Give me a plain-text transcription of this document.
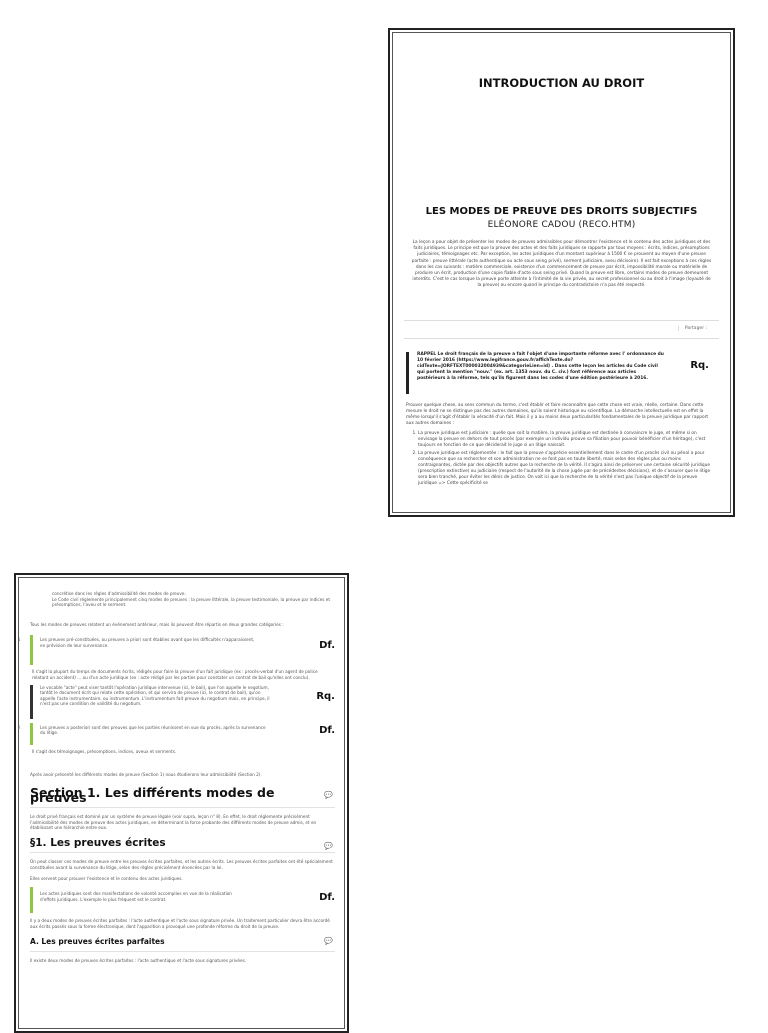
INTRODUCTION AU DROIT
LES MODES DE PREUVE DES DROITS SUBJECTIFS
ELÉONORE CADOU (RECO.HTM)
La leçon a pour objet de présenter les modes de preuves admissibles pour démontrer l'existence et le contenu des actes juridiques et des faits juridiques. Le principe est que la preuve des actes et des faits juridiques se rapporte par tous moyens : écrits, indices, présomptions judiciaires, témoignages etc. Par exception, les actes juridiques d'un montant supérieur à 1500 € se prouvent au moyen d'une preuve parfaite : preuve littérale (acte authentique ou acte sous seing privé), serment judiciaire, aveu décisoire). Il est fait exceptions à ces règles dans les cas suivants : matière commerciale, existence d'un commencement de preuve par écrit, impossibilité morale ou matérielle de produire un écrit, production d'une copie fiable d'acte sous seing privé. Quand la preuve est libre, certains modes de preuve demeurent interdits. C'est le cas lorsque la preuve porte atteinte à l'intimité de la vie privée, au secret professionnel ou au droit à l'image (loyauté de la preuve) ou encore quand le principe du contradictoire n'a pas été respecté.
Partager :
RAPPEL Le droit français de la preuve a fait l'objet d'une importante réforme avec l' ordonnance du 10 février 2016 (https://www.legifrance.gouv.fr/affichTexte.do?cidTexte=JORFTEXT000032004939&categorieLien=id) . Dans cette leçon les articles du Code civil qui portent la mention "nouv." (ex. art. 1353 nouv. du C. civ.) font référence aux articles postérieurs à la réforme, tels qu'ils figurent dans les codes d'une édition postérieure à 2016.
Rq.
Prouver quelque chose, au sens commun du terme, c'est établir et faire reconnaître que cette chose est vraie, réelle, certaine. Dans cette mesure le droit ne se distingue pas des autres domaines, qu'ils soient historique ou scientifique. La démarche intellectuelle est en effet la même lorsqu'il s'agit d'établir la véracité d'un fait. Mais il y a au moins deux particularités fondamentales de la preuve juridique par rapport aux autres domaines :
1. La preuve juridique est judiciaire : quelle que soit la matière, la preuve juridique est destinée à convaincre le juge, et même si on envisage la preuve en dehors de tout procès (par exemple un individu prouve sa filiation pour pouvoir bénéficier d'un héritage), c'est toujours en fonction de ce que déciderait le juge si un litige naissait.
2. La preuve juridique est réglementée : le fait que la preuve s'apprécie essentiellement dans le cadre d'un procès civil ou pénal a pour conséquence que sa rechercher et son administration ne se font pas en toute liberté, mais selon des règles plus ou moins contraignantes, dictée par des objectifs autres que la recherche de la vérité. Il s'agira ainsi de préserver une certaine sécurité juridique (prescription extinctive) ou judiciaire (respect de l'autorité de la chose jugée par de précédentes décisions), et de s'assurer que le litige sera bien tranché, pour éviter les dénis de justice. On voit ici que la recherche de la vérité n'est pas l'unique objectif de la preuve juridique => Cette spécificité se
concrétise dans les règles d'admissibilité des modes de preuve.
Le Code civil réglemente principalement cinq modes de preuves : la preuve littérale, la preuve testimoniale, la preuve par indices et présomptions, l'aveu et le serment.
Tous les modes de preuves relatent un événement antérieur, mais ils peuvent être répartis en deux grandes catégories :
1	Les preuves pré-constituées, ou preuves a priori sont établies avant que les difficultés n'apparaissent, en prévision de leur survenance.	Df.
Il s'agit la plupart du temps de documents écrits, rédigés pour faire la preuve d'un fait juridique (ex : procès-verbal d'un agent de police relatant un accident) ... ou d'un acte juridique (ex : acte rédigé par les parties pour constater un contrat de bail qu'elles ont conclu).
Le vocable "acte" peut viser tantôt l'opération juridique intervenue (ici, le bail), que l'on appelle le negotium, tantôt le document écrit qui relate cette opération, et qui servira de preuve (ici, le contrat de bail), qu'on appelle l'acte instrumentaire, ou instrumentum. L'instrumentum fait preuve du negotium mais, en principe, il n'est pas une condition de validité du negotium.
Rq.
2	Les preuves a posteriori sont des preuves que les parties réunissent en vue du procès, après la survenance du litige.	Df.
Il s'agit des témoignages, présomptions, indices, aveux et serments.
Après avoir présenté les différents modes de preuve (Section 1) nous étudierons leur admissibilité (Section 2).
Section 1. Les différents modes de preuves	💬
Le droit privé français est dominé par un système de preuve légale (voir supra, leçon n° 8). En effet, le droit réglemente précisément l'admissibilité des modes de preuve des actes juridiques, en déterminant la force probante des différents modes de preuve admis, et en établissant une hiérarchie entre eux.
§1. Les preuves écrites	💬
On peut classer ces modes de preuve entre les preuves écrites parfaites, et les autres écrits. Les preuves écrites parfaites ont été spécialement constituées avant la survenance du litige, selon des règles précisément énoncées par la loi.
Elles servent pour prouver l'existence et le contenu des actes juridiques.
Les actes juridiques sont des manifestations de volonté accomplies en vue de la réalisation d'effets juridiques. L'exemple le plus fréquent est le contrat.	Df.
Il y a deux modes de preuves écrites parfaites : l'acte authentique et l'acte sous signature privée. Un traitement particulier devra être accordé aux écrits passés sous la forme électronique, dont l'apparition a provoqué une profonde réforme du droit de la preuve.
A. Les preuves écrites parfaites	💬
Il existe deux modes de preuves écrites parfaites : l'acte authentique et l'acte sous signatures privées.
